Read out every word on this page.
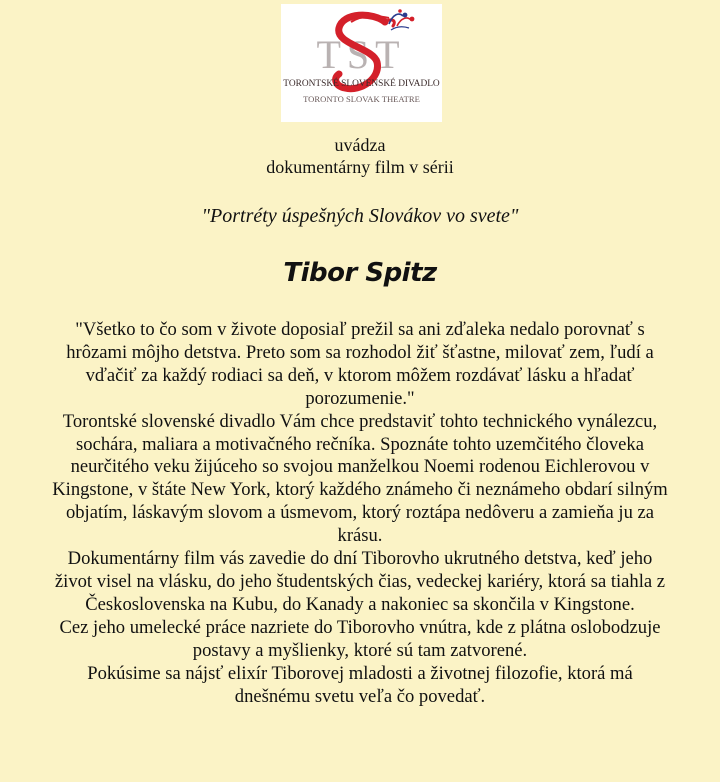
TST
TORONTSKÉ SLOVENSKÉ DIVADLO
TORONTO SLOVAK THEATRE
uvádza
dokumentárny film v sérii
"Portréty úspešných Slovákov vo svete"
Tibor Spitz
"Všetko to čo som v živote doposiaľ prežil sa ani zďaleka nedalo porovnať s
hrôzami môjho detstva. Preto som sa rozhodol žiť šťastne, milovať zem, ľudí a
vďačiť za každý rodiaci sa deň, v ktorom môžem rozdávať lásku a hľadať
porozumenie."
Torontské slovenské divadlo Vám chce predstaviť tohto technického vynálezcu,
sochára, maliara a motivačného rečníka. Spoznáte tohto uzemčitého človeka
neurčitého veku žijúceho so svojou manželkou Noemi rodenou Eichlerovou v
Kingstone, v štáte New York, ktorý každého známeho či neznámeho obdarí silným
objatím, láskavým slovom a úsmevom, ktorý roztápa nedôveru a zamieňa ju za
krásu.
Dokumentárny film vás zavedie do dní Tiborovho ukrutného detstva, keď jeho
život visel na vlásku, do jeho študentských čias, vedeckej kariéry, ktorá sa tiahla z
Československa na Kubu, do Kanady a nakoniec sa skončila v Kingstone.
Cez jeho umelecké práce nazriete do Tiborovho vnútra, kde z plátna oslobodzuje
postavy a myšlienky, ktoré sú tam zatvorené.
Pokúsime sa nájsť elixír Tiborovej mladosti a životnej filozofie, ktorá má
dnešnému svetu veľa čo povedať.
